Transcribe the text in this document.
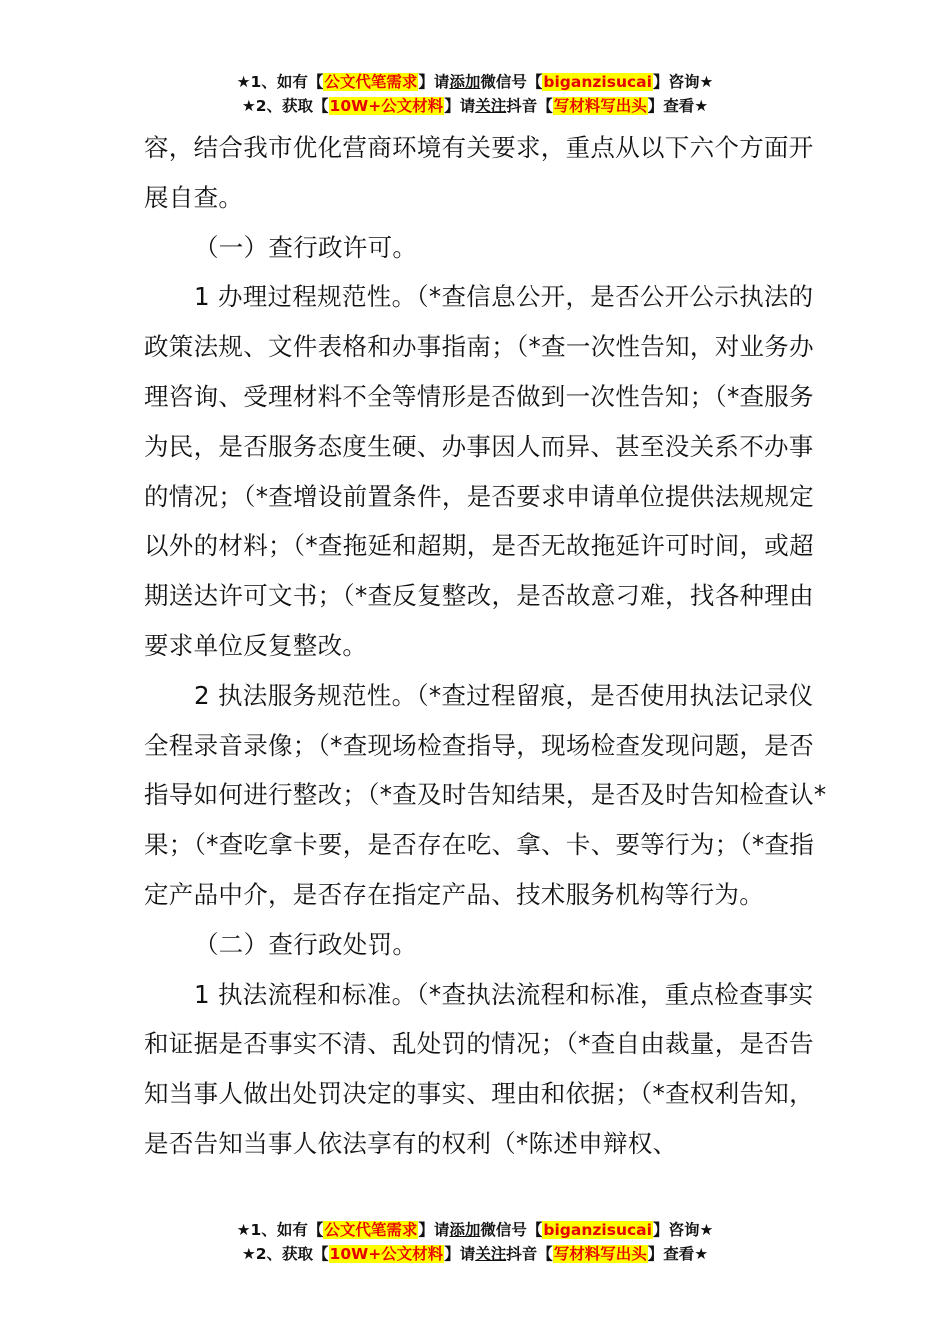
★1、如有【公文代笔需求】请添加微信号【biganzisucai】咨询★
★2、获取【10W+公文材料】请关注抖音【写材料写出头】查看★

容，结合我市优化营商环境有关要求，重点从以下六个方面开展自查。

（一）查行政许可。

1 办理过程规范性。（*查信息公开，是否公开公示执法的政策法规、文件表格和办事指南；（*查一次性告知，对业务办理咨询、受理材料不全等情形是否做到一次性告知；（*查服务为民，是否服务态度生硬、办事因人而异、甚至没关系不办事的情况；（*查增设前置条件，是否要求申请单位提供法规规定以外的材料；（*查拖延和超期，是否无故拖延许可时间，或超期送达许可文书；（*查反复整改，是否故意刁难，找各种理由要求单位反复整改。

2 执法服务规范性。（*查过程留痕，是否使用执法记录仪全程录音录像；（*查现场检查指导，现场检查发现问题，是否指导如何进行整改；（*查及时告知结果，是否及时告知检查认*果；（*查吃拿卡要，是否存在吃、拿、卡、要等行为；（*查指定产品中介，是否存在指定产品、技术服务机构等行为。

（二）查行政处罚。

1 执法流程和标准。（*查执法流程和标准，重点检查事实和证据是否事实不清、乱处罚的情况；（*查自由裁量，是否告知当事人做出处罚决定的事实、理由和依据；（*查权利告知，是否告知当事人依法享有的权利（*陈述申辩权、

★1、如有【公文代笔需求】请添加微信号【biganzisucai】咨询★
★2、获取【10W+公文材料】请关注抖音【写材料写出头】查看★
